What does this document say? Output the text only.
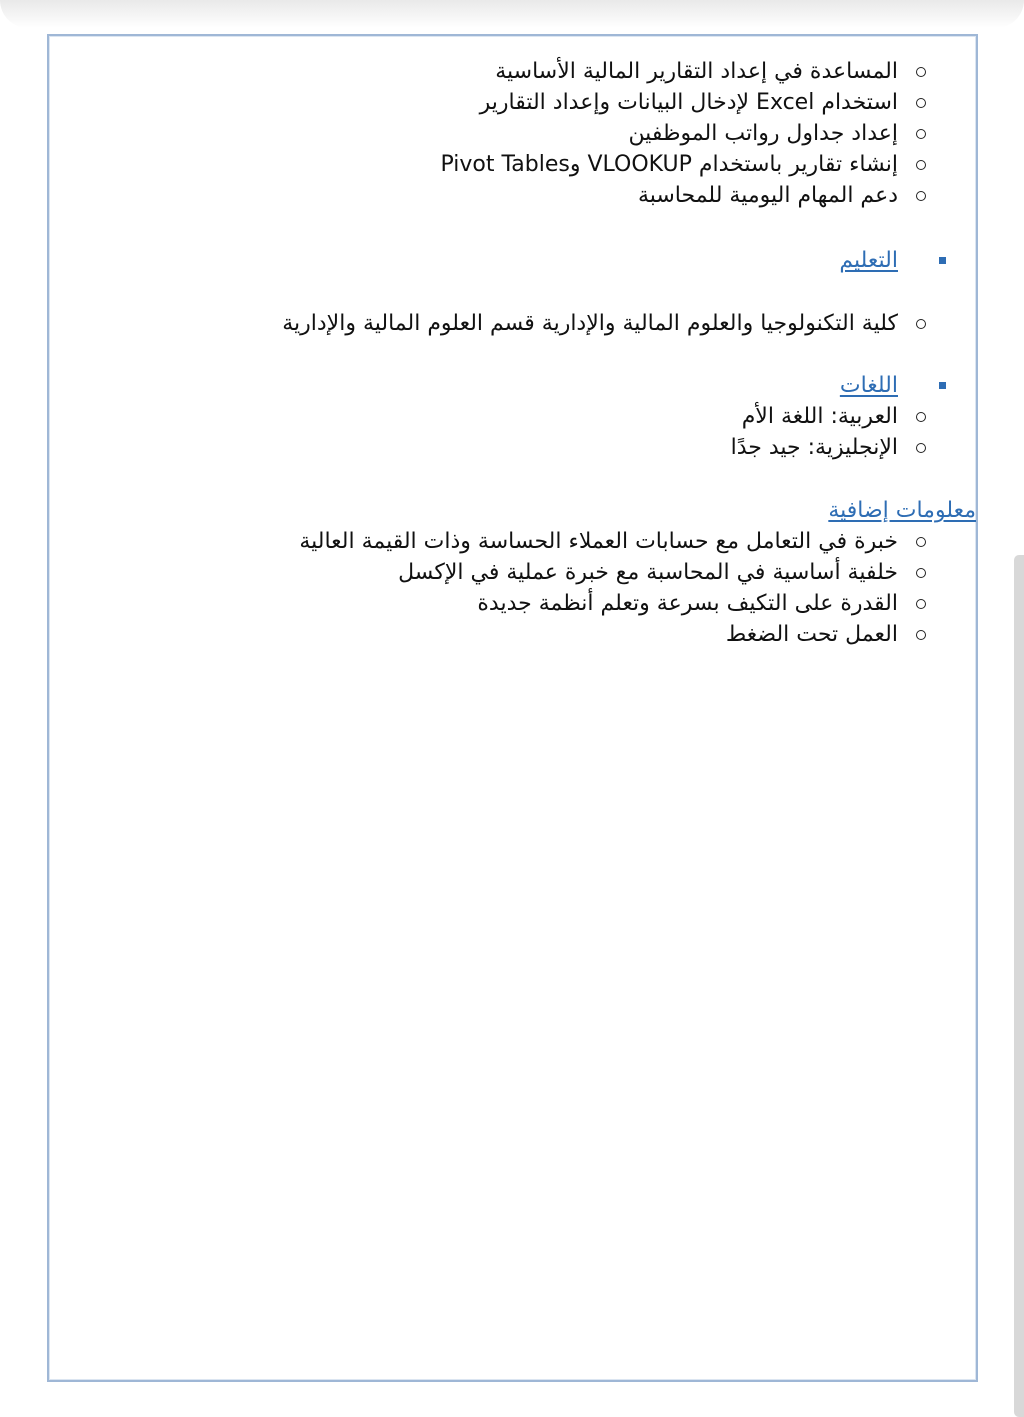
المساعدة في إعداد التقارير المالية الأساسية
استخدام Excel لإدخال البيانات وإعداد التقارير
إعداد جداول رواتب الموظفين
إنشاء تقارير باستخدام VLOOKUP وPivot Tables
دعم المهام اليومية للمحاسبة
التعليم
كلية التكنولوجيا والعلوم المالية والإدارية قسم العلوم المالية والإدارية
اللغات
العربية: اللغة الأم
الإنجليزية: جيد جدًا
معلومات إضافية
خبرة في التعامل مع حسابات العملاء الحساسة وذات القيمة العالية
خلفية أساسية في المحاسبة مع خبرة عملية في الإكسل
القدرة على التكيف بسرعة وتعلم أنظمة جديدة
العمل تحت الضغط
